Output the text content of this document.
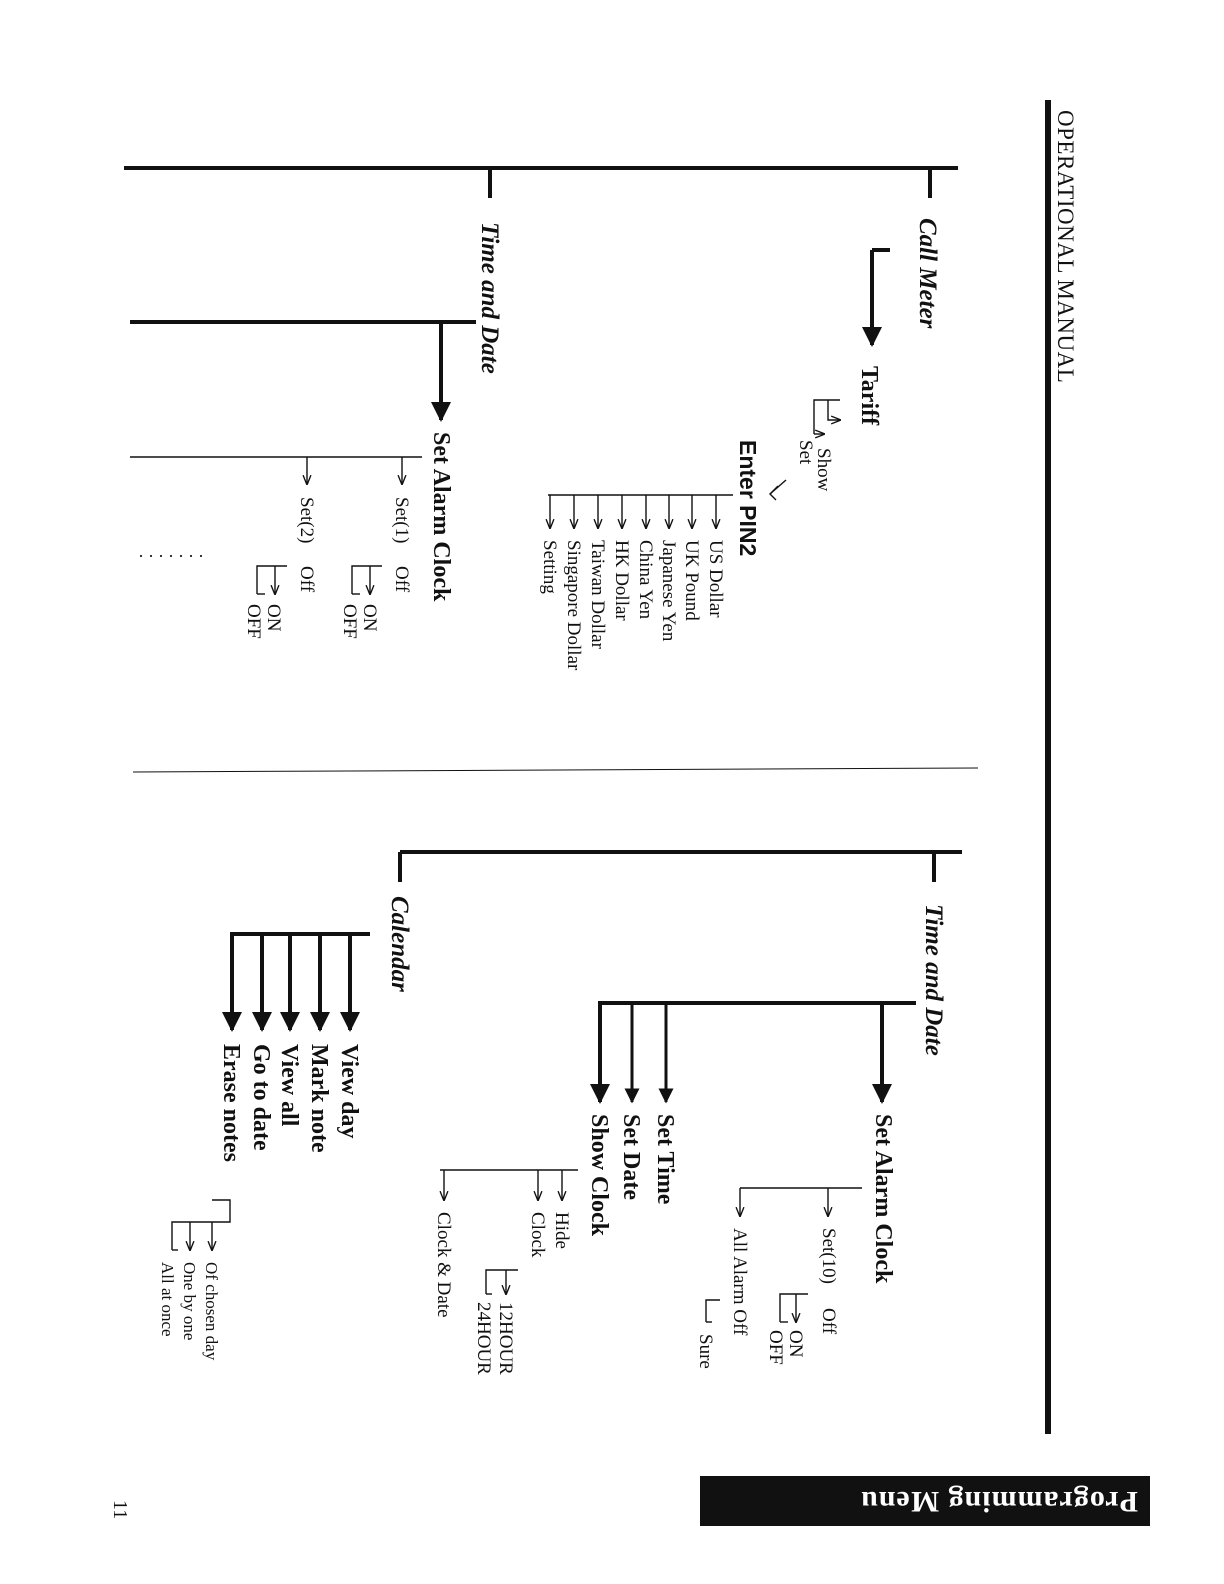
OPERATIONAL MANUAL
Programming Menu
11
Call Meter
Tariff
Show
Set
Enter PIN2
US Dollar
UK Pound
Japanese Yen
China Yen
HK Dollar
Taiwan Dollar
Singapore Dollar
Setting
Time and Date
Set Alarm Clock
Set(1)
Off
Set(2)
Off
ON
OFF
ON
OFF
·······
Time and Date
Set Alarm Clock
Set(10)
Off
ON
OFF
All Alarm Off
Sure
Set Time
Set Date
Show Clock
Hide
Clock
Clock & Date
12HOUR
24HOUR
Calendar
View day
Mark note
View all
Go to date
Erase notes
Of chosen day
One by one
All at once
